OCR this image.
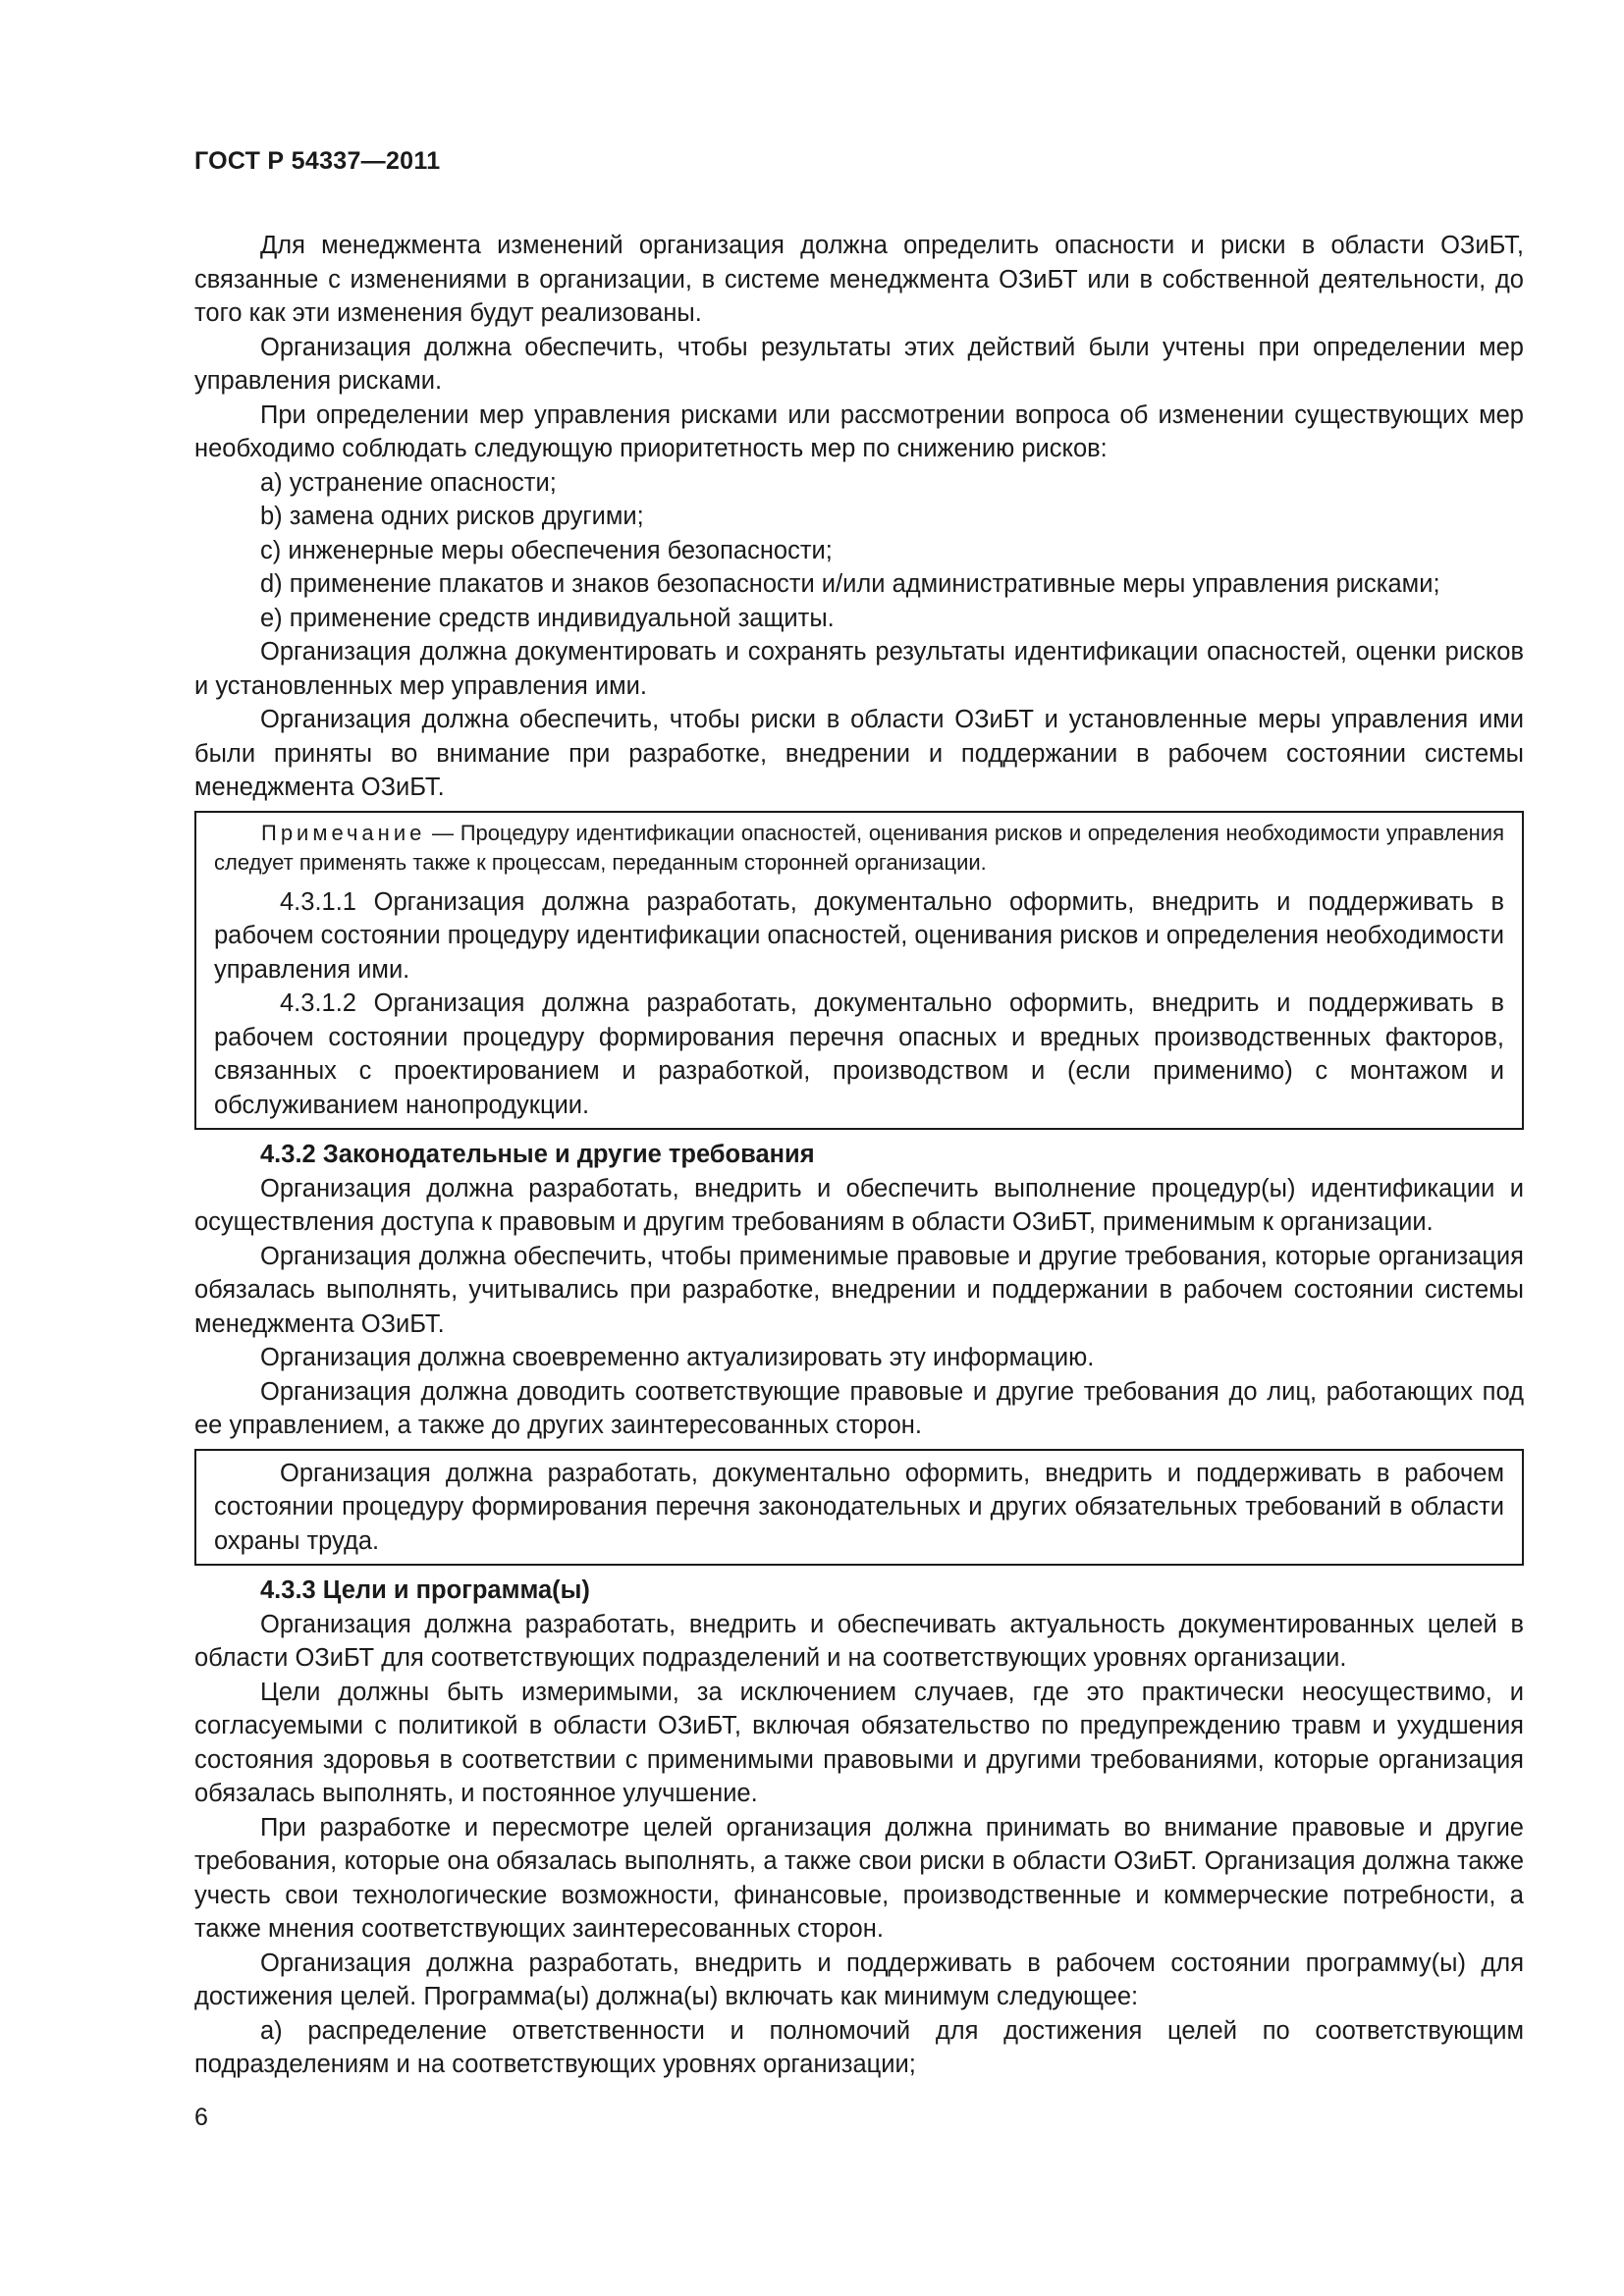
ГОСТ Р 54337—2011

Для менеджмента изменений организация должна определить опасности и риски в области ОЗиБТ, связанные с изменениями в организации, в системе менеджмента ОЗиБТ или в собственной деятельности, до того как эти изменения будут реализованы.

Организация должна обеспечить, чтобы результаты этих действий были учтены при определении мер управления рисками.

При определении мер управления рисками или рассмотрении вопроса об изменении существующих мер необходимо соблюдать следующую приоритетность мер по снижению рисков:

a) устранение опасности;

b) замена одних рисков другими;

c) инженерные меры обеспечения безопасности;

d) применение плакатов и знаков безопасности и/или административные меры управления рисками;

e) применение средств индивидуальной защиты.

Организация должна документировать и сохранять результаты идентификации опасностей, оценки рисков и установленных мер управления ими.

Организация должна обеспечить, чтобы риски в области ОЗиБТ и установленные меры управления ими были приняты во внимание при разработке, внедрении и поддержании в рабочем состоянии системы менеджмента ОЗиБТ.

Примечание — Процедуру идентификации опасностей, оценивания рисков и определения необходимости управления следует применять также к процессам, переданным сторонней организации.

4.3.1.1 Организация должна разработать, документально оформить, внедрить и поддерживать в рабочем состоянии процедуру идентификации опасностей, оценивания рисков и определения необходимости управления ими.

4.3.1.2 Организация должна разработать, документально оформить, внедрить и поддерживать в рабочем состоянии процедуру формирования перечня опасных и вредных производственных факторов, связанных с проектированием и разработкой, производством и (если применимо) с монтажом и обслуживанием нанопродукции.

4.3.2 Законодательные и другие требования

Организация должна разработать, внедрить и обеспечить выполнение процедур(ы) идентификации и осуществления доступа к правовым и другим требованиям в области ОЗиБТ, применимым к организации.

Организация должна обеспечить, чтобы применимые правовые и другие требования, которые организация обязалась выполнять, учитывались при разработке, внедрении и поддержании в рабочем состоянии системы менеджмента ОЗиБТ.

Организация должна своевременно актуализировать эту информацию.

Организация должна доводить соответствующие правовые и другие требования до лиц, работающих под ее управлением, а также до других заинтересованных сторон.

Организация должна разработать, документально оформить, внедрить и поддерживать в рабочем состоянии процедуру формирования перечня законодательных и других обязательных требований в области охраны труда.

4.3.3 Цели и программа(ы)

Организация должна разработать, внедрить и обеспечивать актуальность документированных целей в области ОЗиБТ для соответствующих подразделений и на соответствующих уровнях организации.

Цели должны быть измеримыми, за исключением случаев, где это практически неосуществимо, и согласуемыми с политикой в области ОЗиБТ, включая обязательство по предупреждению травм и ухудшения состояния здоровья в соответствии с применимыми правовыми и другими требованиями, которые организация обязалась выполнять, и постоянное улучшение.

При разработке и пересмотре целей организация должна принимать во внимание правовые и другие требования, которые она обязалась выполнять, а также свои риски в области ОЗиБТ. Организация должна также учесть свои технологические возможности, финансовые, производственные и коммерческие потребности, а также мнения соответствующих заинтересованных сторон.

Организация должна разработать, внедрить и поддерживать в рабочем состоянии программу(ы) для достижения целей. Программа(ы) должна(ы) включать как минимум следующее:

a) распределение ответственности и полномочий для достижения целей по соответствующим подразделениям и на соответствующих уровнях организации;

6
